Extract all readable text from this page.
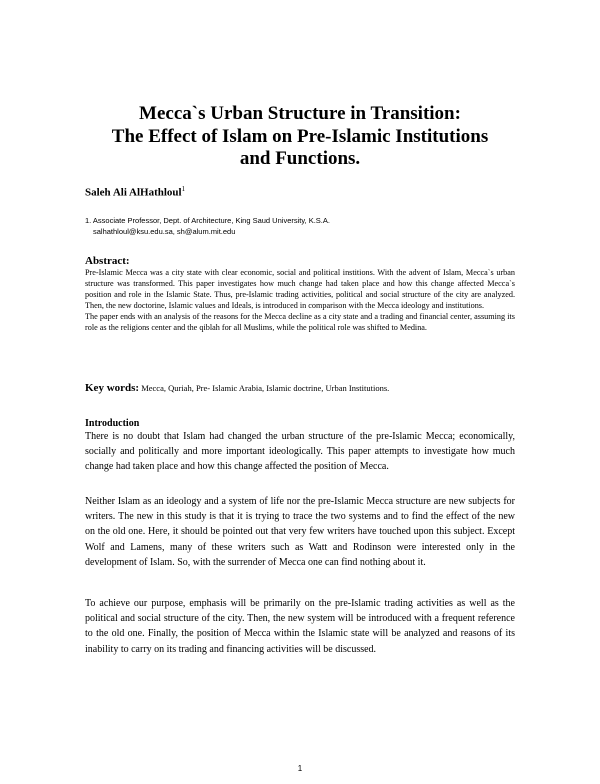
Mecca`s Urban Structure in Transition:
The Effect of Islam on Pre-Islamic Institutions
and Functions.
Saleh Ali AlHathloul$^1$
1. Associate Professor, Dept. of Architecture, King Saud University, K.S.A.
salhathloul@ksu.edu.sa, sh@alum.mit.edu
Abstract:

Pre-Islamic Mecca was a city state with clear economic, social and political institions. With the advent of Islam, Mecca`s urban structure was transformed. This paper investigates how much change had taken place and how this change affected Mecca`s position and role in the Islamic State. Thus, pre-Islamic trading activities, political and social structure of the city are analyzed. Then, the new doctorine, Islamic values and Ideals, is introduced in comparison with the Mecca ideology and institutions.

The paper ends with an analysis of the reasons for the Mecca decline as a city state and a trading and financial center, assuming its role as the religions center and the qiblah for all Muslims, while the political role was shifted to Medina.

Key words: Mecca, Quriah, Pre- Islamic Arabia, Islamic doctrine, Urban Institutions.
Introduction

There is no doubt that Islam had changed the urban structure of the pre-Islamic Mecca; economically, socially and politically and more important ideologically. This paper attempts to investigate how much change had taken place and how this change affected the position of Mecca.

Neither Islam as an ideology and a system of life nor the pre-Islamic Mecca structure are new subjects for writers. The new in this study is that it is trying to trace the two systems and to find the effect of the new on the old one. Here, it should be pointed out that very few writers have touched upon this subject. Except Wolf and Lamens, many of these writers such as Watt and Rodinson were interested only in the development of Islam. So, with the surrender of Mecca one can find nothing about it.

To achieve our purpose, emphasis will be primarily on the pre-Islamic trading activities as well as the political and social structure of the city. Then, the new system will be introduced with a frequent reference to the old one. Finally, the position of Mecca within the Islamic state will be analyzed and reasons of its inability to carry on its trading and financing activities will be discussed.

1
